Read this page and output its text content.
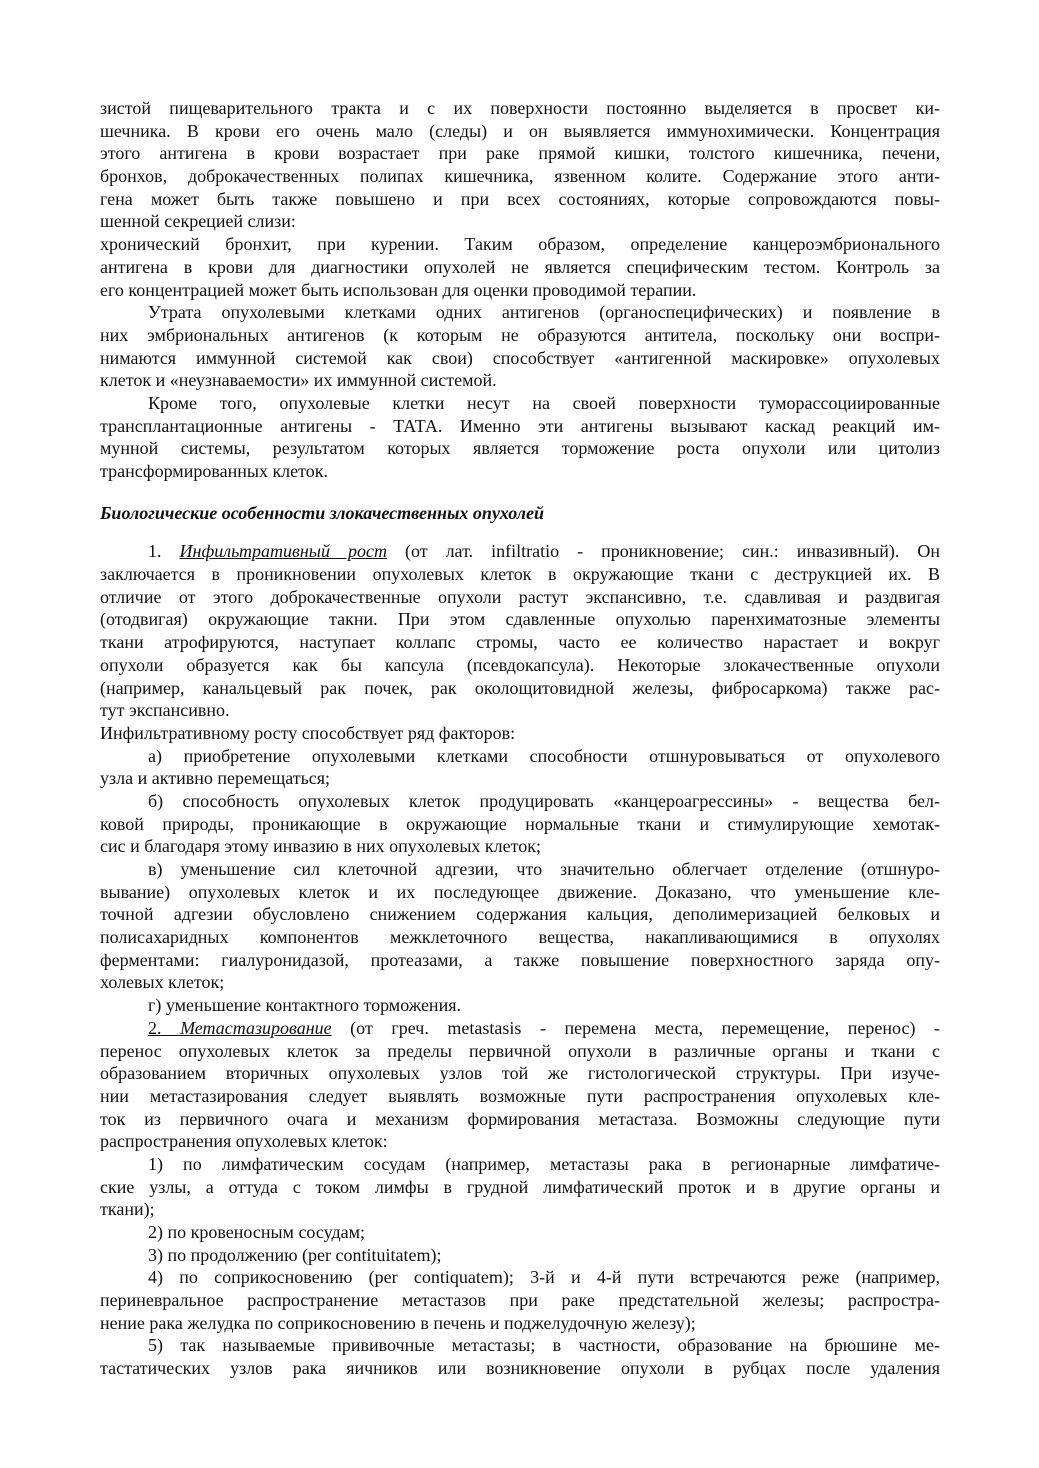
зистой пищеварительного тракта и с их поверхности постоянно выделяется в просвет ки-
шечника. В крови его очень мало (следы) и он выявляется иммунохимически. Концентрация
этого антигена в крови возрастает при раке прямой кишки, толстого кишечника, печени,
бронхов, доброкачественных полипах кишечника, язвенном колите. Содержание этого анти-
гена может быть также повышено и при всех состояниях, которые сопровождаются повы-
шенной секрецией слизи:
хронический бронхит, при курении. Таким образом, определение канцероэмбрионального
антигена в крови для диагностики опухолей не является специфическим тестом. Контроль за
его концентрацией может быть использован для оценки проводимой терапии.
Утрата опухолевыми клетками одних антигенов (органоспецифических) и появление в
них эмбриональных антигенов (к которым не образуются антитела, поскольку они воспри-
нимаются иммунной системой как свои) способствует «антигенной маскировке» опухолевых
клеток и «неузнаваемости» их иммунной системой.
Кроме того, опухолевые клетки несут на своей поверхности туморассоциированные
трансплантационные антигены - ТАТА. Именно эти антигены вызывают каскад реакций им-
мунной системы, результатом которых является торможение роста опухоли или цитолиз
трансформированных клеток.
Биологические особенности злокачественных опухолей
1. Инфильтративный рост (от лат. infiltratio - проникновение; син.: инвазивный). Он
заключается в проникновении опухолевых клеток в окружающие ткани с деструкцией их. В
отличие от этого доброкачественные опухоли растут экспансивно, т.е. сдавливая и раздвигая
(отодвигая) окружающие такни. При этом сдавленные опухолью паренхиматозные элементы
ткани атрофируются, наступает коллапс стромы, часто ее количество нарастает и вокруг
опухоли образуется как бы капсула (псевдокапсула). Некоторые злокачественные опухоли
(например, канальцевый рак почек, рак околощитовидной железы, фибросаркома) также рас-
тут экспансивно.
Инфильтративному росту способствует ряд факторов:
а) приобретение опухолевыми клетками способности отшнуровываться от опухолевого
узла и активно перемещаться;
б) способность опухолевых клеток продуцировать «канцероагрессины» - вещества бел-
ковой природы, проникающие в окружающие нормальные ткани и стимулирующие хемотак-
сис и благодаря этому инвазию в них опухолевых клеток;
в) уменьшение сил клеточной адгезии, что значительно облегчает отделение (отшнуро-
вывание) опухолевых клеток и их последующее движение. Доказано, что уменьшение кле-
точной адгезии обусловлено снижением содержания кальция, деполимеризацией белковых и
полисахаридных компонентов межклеточного вещества, накапливающимися в опухолях
ферментами: гиалуронидазой, протеазами, а также повышение поверхностного заряда опу-
холевых клеток;
г) уменьшение контактного торможения.
2. Метастазирование (от греч. metastasis - перемена места, перемещение, перенос) -
перенос опухолевых клеток за пределы первичной опухоли в различные органы и ткани с
образованием вторичных опухолевых узлов той же гистологической структуры. При изуче-
нии метастазирования следует выявлять возможные пути распространения опухолевых кле-
ток из первичного очага и механизм формирования метастаза. Возможны следующие пути
распространения опухолевых клеток:
1) по лимфатическим сосудам (например, метастазы рака в регионарные лимфатиче-
ские узлы, а оттуда с током лимфы в грудной лимфатический проток и в другие органы и
ткани);
2) по кровеносным сосудам;
3) по продолжению (per contituitatem);
4) по соприкосновению (per contiquatem); 3-й и 4-й пути встречаются реже (например,
периневральное распространение метастазов при раке предстательной железы; распростра-
нение рака желудка по соприкосновению в печень и поджелудочную железу);
5) так называемые прививочные метастазы; в частности, образование на брюшине ме-
тастатических узлов рака яичников или возникновение опухоли в рубцах после удаления
